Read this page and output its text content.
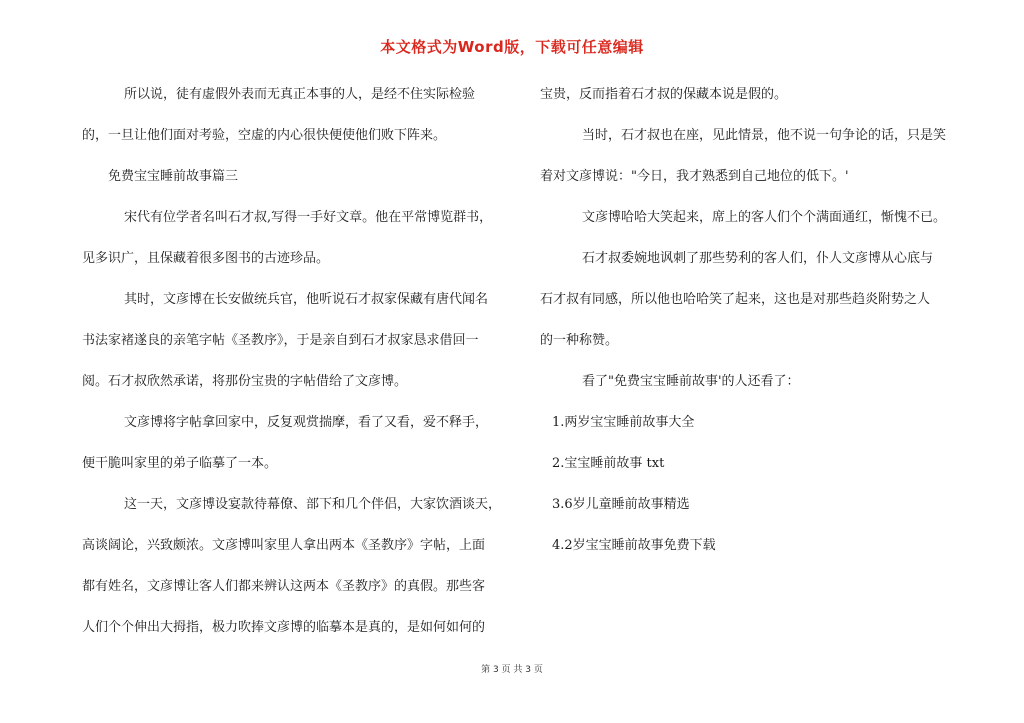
本文格式为Word版，下载可任意编辑
所以说，徒有虚假外表而无真正本事的人，是经不住实际检验
的，一旦让他们面对考验，空虚的内心很快便使他们败下阵来。
免费宝宝睡前故事篇三
宋代有位学者名叫石才叔,写得一手好文章。他在平常博览群书，
见多识广，且保藏着很多图书的古迹珍品。
其时，文彦博在长安做统兵官，他听说石才叔家保藏有唐代闻名
书法家褚遂良的亲笔字帖《圣教序》，于是亲自到石才叔家恳求借回一
阅。石才叔欣然承诺，将那份宝贵的字帖借给了文彦博。
文彦博将字帖拿回家中，反复观赏揣摩，看了又看，爱不释手，
便干脆叫家里的弟子临摹了一本。
这一天，文彦博设宴款待幕僚、部下和几个伴侣，大家饮酒谈天，
高谈阔论，兴致颇浓。文彦博叫家里人拿出两本《圣教序》字帖，上面
都有姓名，文彦博让客人们都来辨认这两本《圣教序》的真假。那些客
人们个个伸出大拇指，极力吹捧文彦博的临摹本是真的，是如何如何的
宝贵，反而指着石才叔的保藏本说是假的。
当时，石才叔也在座，见此情景，他不说一句争论的话，只是笑
着对文彦博说："今日，我才熟悉到自己地位的低下。'
文彦博哈哈大笑起来，席上的客人们个个满面通红，惭愧不已。
石才叔委婉地讽刺了那些势利的客人们，仆人文彦博从心底与
石才叔有同感，所以他也哈哈笑了起来，这也是对那些趋炎附势之人
的一种称赞。
看了"免费宝宝睡前故事'的人还看了：
1.两岁宝宝睡前故事大全
2.宝宝睡前故事 txt
3.6岁儿童睡前故事精选
4.2岁宝宝睡前故事免费下载
第 3 页 共 3 页
